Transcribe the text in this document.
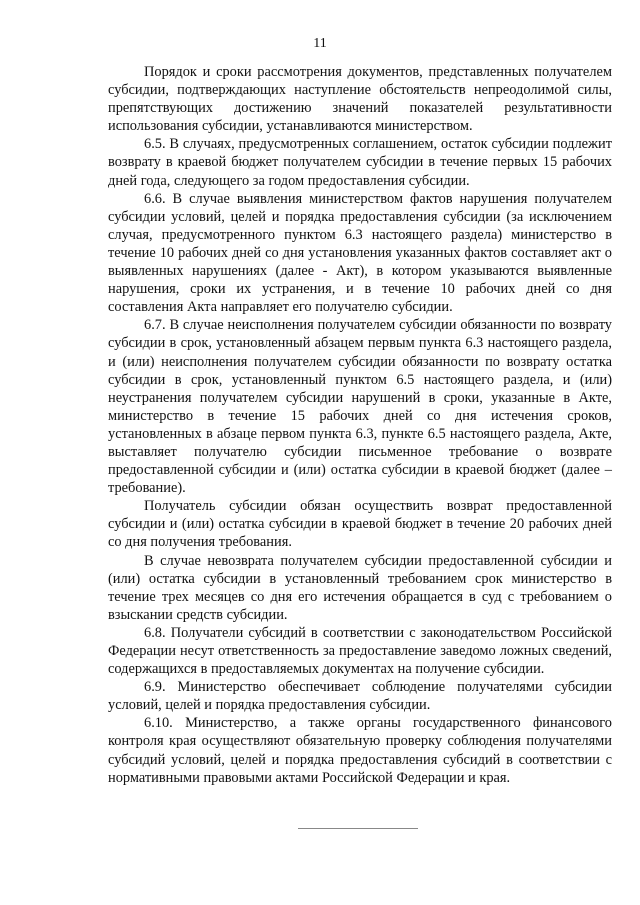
11

Порядок и сроки рассмотрения документов, представленных получателем субсидии, подтверждающих наступление обстоятельств непреодолимой силы, препятствующих достижению значений показателей результативности использования субсидии, устанавливаются министерством.

6.5. В случаях, предусмотренных соглашением, остаток субсидии подлежит возврату в краевой бюджет получателем субсидии в течение первых 15 рабочих дней года, следующего за годом предоставления субсидии.

6.6. В случае выявления министерством фактов нарушения получателем субсидии условий, целей и порядка предоставления субсидии (за исключением случая, предусмотренного пунктом 6.3 настоящего раздела) министерство в течение 10 рабочих дней со дня установления указанных фактов составляет акт о выявленных нарушениях (далее - Акт), в котором указываются выявленные нарушения, сроки их устранения, и в течение 10 рабочих дней со дня составления Акта направляет его получателю субсидии.

6.7. В случае неисполнения получателем субсидии обязанности по возврату субсидии в срок, установленный абзацем первым пункта 6.3 настоящего раздела, и (или) неисполнения получателем субсидии обязанности по возврату остатка субсидии в срок, установленный пунктом 6.5 настоящего раздела, и (или) неустранения получателем субсидии нарушений в сроки, указанные в Акте, министерство в течение 15 рабочих дней со дня истечения сроков, установленных в абзаце первом пункта 6.3, пункте 6.5 настоящего раздела, Акте, выставляет получателю субсидии письменное требование о возврате предоставленной субсидии и (или) остатка субсидии в краевой бюджет (далее – требование).

Получатель субсидии обязан осуществить возврат предоставленной субсидии и (или) остатка субсидии в краевой бюджет в течение 20 рабочих дней со дня получения требования.

В случае невозврата получателем субсидии предоставленной субсидии и (или) остатка субсидии в установленный требованием срок министерство в течение трех месяцев со дня его истечения обращается в суд с требованием о взыскании средств субсидии.

6.8. Получатели субсидий в соответствии с законодательством Российской Федерации несут ответственность за предоставление заведомо ложных сведений, содержащихся в предоставляемых документах на получение субсидии.

6.9. Министерство обеспечивает соблюдение получателями субсидии условий, целей и порядка предоставления субсидии.

6.10. Министерство, а также органы государственного финансового контроля края осуществляют обязательную проверку соблюдения получателями субсидий условий, целей и порядка предоставления субсидий в соответствии с нормативными правовыми актами Российской Федерации и края.
